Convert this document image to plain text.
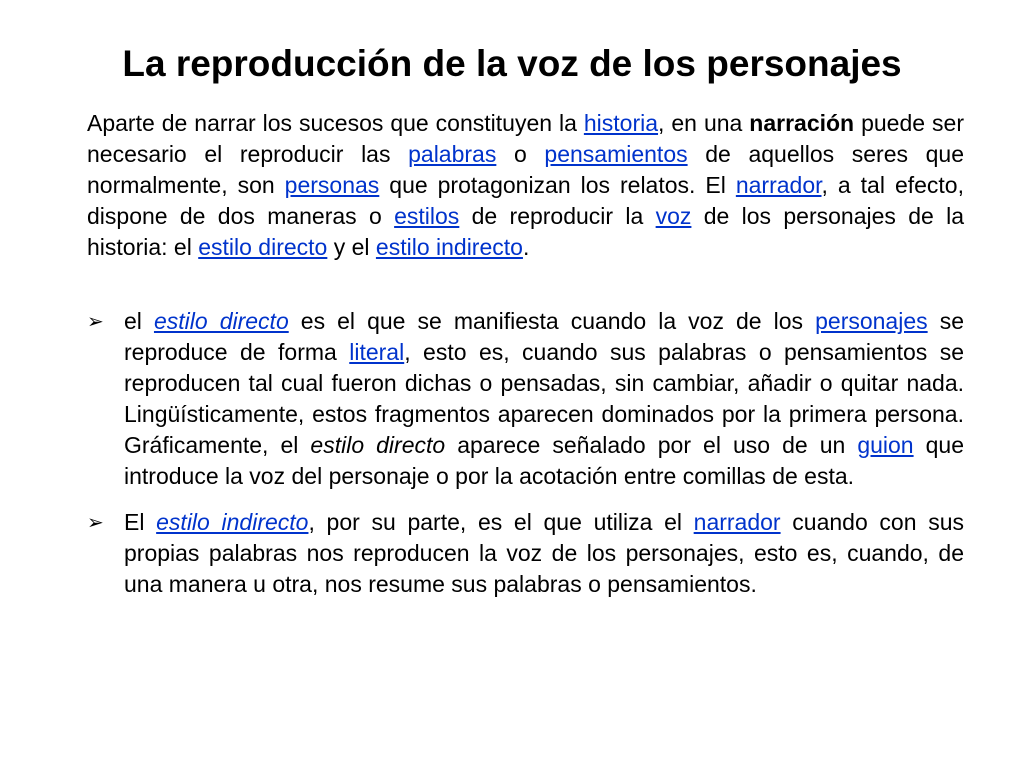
La reproducción de la voz de los personajes

Aparte de narrar los sucesos que constituyen la historia, en una narración puede ser necesario el reproducir las palabras o pensamientos de aquellos seres que normalmente, son personas que protagonizan los relatos. El narrador, a tal efecto, dispone de dos maneras o estilos de reproducir la voz de los personajes de la historia: el estilo directo y el estilo indirecto.

➢ el estilo directo es el que se manifiesta cuando la voz de los personajes se reproduce de forma literal, esto es, cuando sus palabras o pensamientos se reproducen tal cual fueron dichas o pensadas, sin cambiar, añadir o quitar nada. Lingüísticamente, estos fragmentos aparecen dominados por la primera persona. Gráficamente, el estilo directo aparece señalado por el uso de un guion que introduce la voz del personaje o por la acotación entre comillas de esta.
➢ El estilo indirecto, por su parte, es el que utiliza el narrador cuando con sus propias palabras nos reproducen la voz de los personajes, esto es, cuando, de una manera u otra, nos resume sus palabras o pensamientos.
